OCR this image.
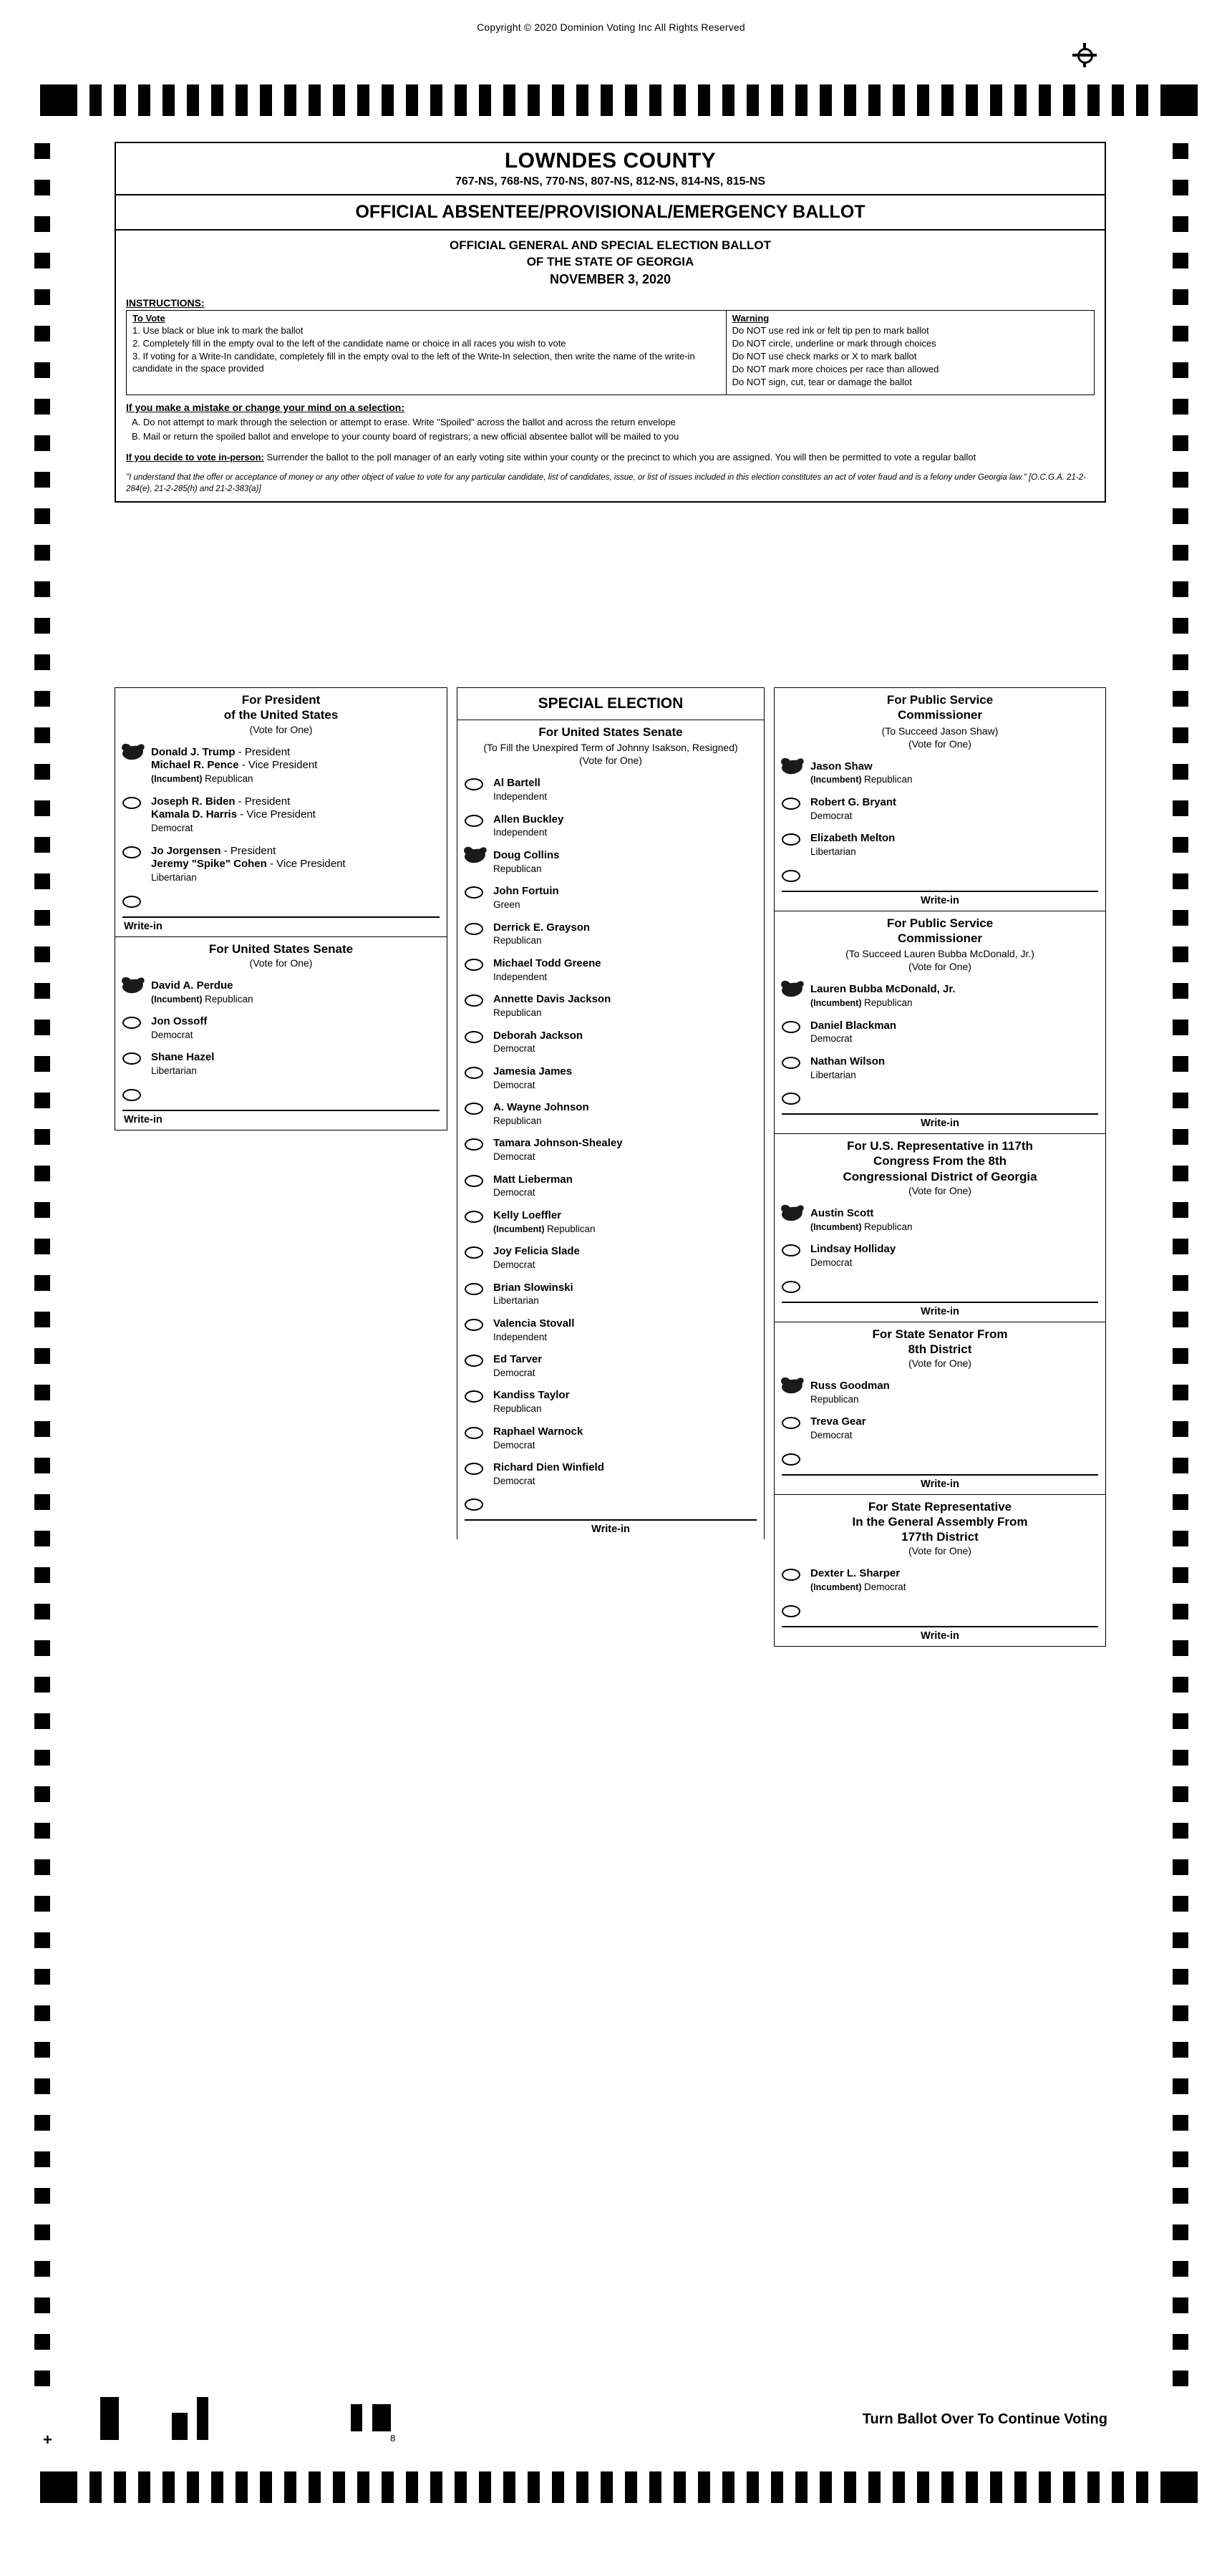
Copyright © 2020 Dominion Voting Inc All Rights Reserved
+	8
LOWNDES COUNTY
767-NS, 768-NS, 770-NS, 807-NS, 812-NS, 814-NS, 815-NS
OFFICIAL ABSENTEE/PROVISIONAL/EMERGENCY BALLOT
OFFICIAL GENERAL AND SPECIAL ELECTION BALLOT
OF THE STATE OF GEORGIA
NOVEMBER 3, 2020
INSTRUCTIONS:
To Vote
1. Use black or blue ink to mark the ballot
2. Completely fill in the empty oval to the left of the candidate name or choice in all races you wish to vote
3. If voting for a Write-In candidate, completely fill in the empty oval to the left of the Write-In selection, then write the name of the write-in candidate in the space provided
Warning
Do NOT use red ink or felt tip pen to mark ballot
Do NOT circle, underline or mark through choices
Do NOT use check marks or X to mark ballot
Do NOT mark more choices per race than allowed
Do NOT sign, cut, tear or damage the ballot
If you make a mistake or change your mind on a selection:
A. Do not attempt to mark through the selection or attempt to erase. Write "Spoiled" across the ballot and across the return envelope
B. Mail or return the spoiled ballot and envelope to your county board of registrars; a new official absentee ballot will be mailed to you
If you decide to vote in-person: Surrender the ballot to the poll manager of an early voting site within your county or the precinct to which you are assigned. You will then be permitted to vote a regular ballot
"I understand that the offer or acceptance of money or any other object of value to vote for any particular candidate, list of candidates, issue, or list of issues included in this election constitutes an act of voter fraud and is a felony under Georgia law." [O.C.G.A. 21-2-284(e), 21-2-285(h) and 21-2-383(a)]
For President
of the United States
(Vote for One)
Donald J. Trump - President
Michael R. Pence - Vice President
(Incumbent) Republican
Joseph R. Biden - President
Kamala D. Harris - Vice President
Democrat
Jo Jorgensen - President
Jeremy "Spike" Cohen - Vice President
Libertarian
Write-in
For United States Senate
(Vote for One)
David A. Perdue
(Incumbent) Republican
Jon Ossoff
Democrat
Shane Hazel
Libertarian
Write-in
SPECIAL ELECTION
For United States Senate
(To Fill the Unexpired Term of Johnny Isakson, Resigned)
(Vote for One)
Al Bartell
Independent
Allen Buckley
Independent
Doug Collins
Republican
John Fortuin
Green
Derrick E. Grayson
Republican
Michael Todd Greene
Independent
Annette Davis Jackson
Republican
Deborah Jackson
Democrat
Jamesia James
Democrat
A. Wayne Johnson
Republican
Tamara Johnson-Shealey
Democrat
Matt Lieberman
Democrat
Kelly Loeffler
(Incumbent) Republican
Joy Felicia Slade
Democrat
Brian Slowinski
Libertarian
Valencia Stovall
Independent
Ed Tarver
Democrat
Kandiss Taylor
Republican
Raphael Warnock
Democrat
Richard Dien Winfield
Democrat
Write-in
For Public Service
Commissioner
(To Succeed Jason Shaw)
(Vote for One)
Jason Shaw
(Incumbent) Republican
Robert G. Bryant
Democrat
Elizabeth Melton
Libertarian
Write-in
For Public Service
Commissioner
(To Succeed Lauren Bubba McDonald, Jr.)
(Vote for One)
Lauren Bubba McDonald, Jr.
(Incumbent) Republican
Daniel Blackman
Democrat
Nathan Wilson
Libertarian
Write-in
For U.S. Representative in 117th
Congress From the 8th
Congressional District of Georgia
(Vote for One)
Austin Scott
(Incumbent) Republican
Lindsay Holliday
Democrat
Write-in
For State Senator From
8th District
(Vote for One)
Russ Goodman
Republican
Treva Gear
Democrat
Write-in
For State Representative
In the General Assembly From
177th District
(Vote for One)
Dexter L. Sharper
(Incumbent) Democrat
Write-in
Turn Ballot Over To Continue Voting
